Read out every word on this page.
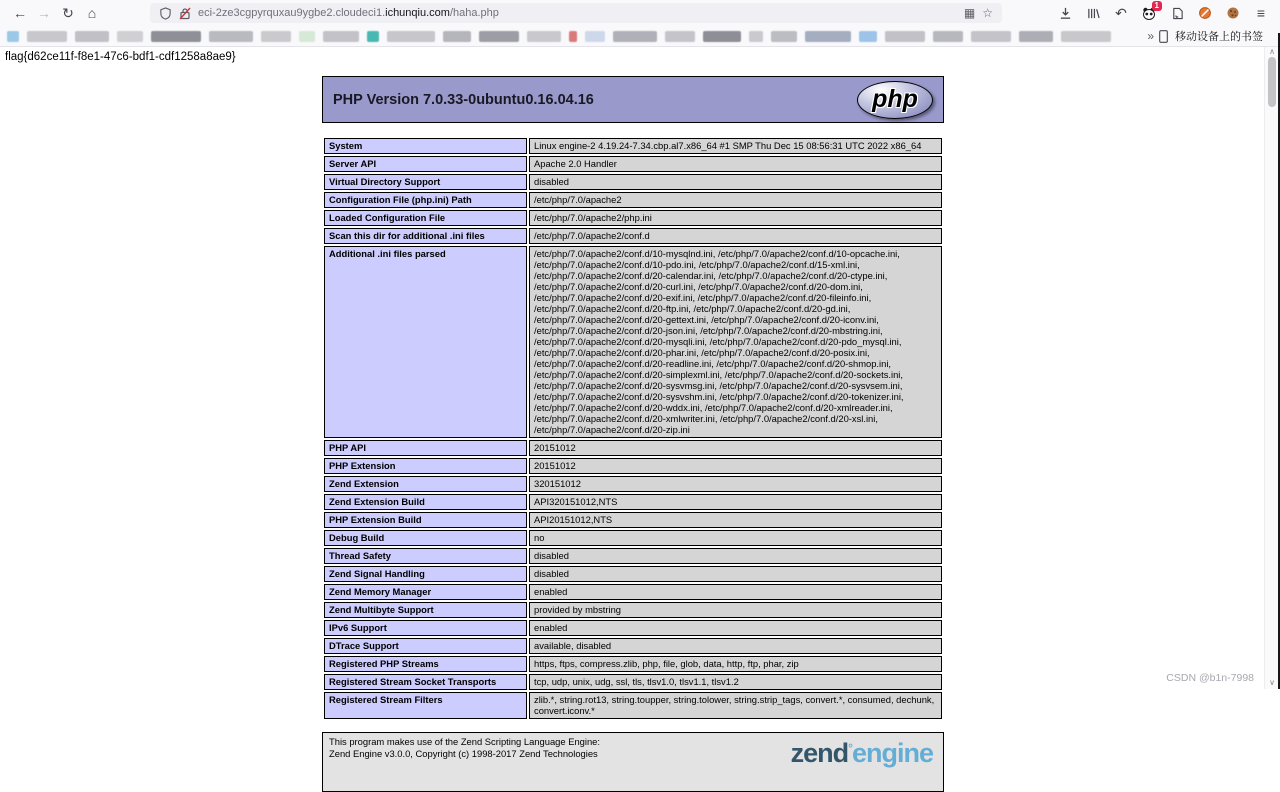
← → ↻ ⌂	eci-2ze3cgpyrquxau9ygbe2.cloudeci1.ichunqiu.com/haha.php	▦ ☆	↶	1	≡
» 移动设备上的书签
flag{d62ce11f-f8e1-47c6-bdf1-cdf1258a8ae9}
PHP Version 7.0.33-0ubuntu0.16.04.16	php
System	Linux engine-2 4.19.24-7.34.cbp.al7.x86_64 #1 SMP Thu Dec 15 08:56:31 UTC 2022 x86_64
Server API	Apache 2.0 Handler
Virtual Directory Support	disabled
Configuration File (php.ini) Path	/etc/php/7.0/apache2
Loaded Configuration File	/etc/php/7.0/apache2/php.ini
Scan this dir for additional .ini files	/etc/php/7.0/apache2/conf.d
Additional .ini files parsed	/etc/php/7.0/apache2/conf.d/10-mysqlnd.ini, /etc/php/7.0/apache2/conf.d/10-opcache.ini, /etc/php/7.0/apache2/conf.d/10-pdo.ini, /etc/php/7.0/apache2/conf.d/15-xml.ini, /etc/php/7.0/apache2/conf.d/20-calendar.ini, /etc/php/7.0/apache2/conf.d/20-ctype.ini, /etc/php/7.0/apache2/conf.d/20-curl.ini, /etc/php/7.0/apache2/conf.d/20-dom.ini, /etc/php/7.0/apache2/conf.d/20-exif.ini, /etc/php/7.0/apache2/conf.d/20-fileinfo.ini, /etc/php/7.0/apache2/conf.d/20-ftp.ini, /etc/php/7.0/apache2/conf.d/20-gd.ini, /etc/php/7.0/apache2/conf.d/20-gettext.ini, /etc/php/7.0/apache2/conf.d/20-iconv.ini, /etc/php/7.0/apache2/conf.d/20-json.ini, /etc/php/7.0/apache2/conf.d/20-mbstring.ini, /etc/php/7.0/apache2/conf.d/20-mysqli.ini, /etc/php/7.0/apache2/conf.d/20-pdo_mysql.ini, /etc/php/7.0/apache2/conf.d/20-phar.ini, /etc/php/7.0/apache2/conf.d/20-posix.ini, /etc/php/7.0/apache2/conf.d/20-readline.ini, /etc/php/7.0/apache2/conf.d/20-shmop.ini, /etc/php/7.0/apache2/conf.d/20-simplexml.ini, /etc/php/7.0/apache2/conf.d/20-sockets.ini, /etc/php/7.0/apache2/conf.d/20-sysvmsg.ini, /etc/php/7.0/apache2/conf.d/20-sysvsem.ini, /etc/php/7.0/apache2/conf.d/20-sysvshm.ini, /etc/php/7.0/apache2/conf.d/20-tokenizer.ini, /etc/php/7.0/apache2/conf.d/20-wddx.ini, /etc/php/7.0/apache2/conf.d/20-xmlreader.ini, /etc/php/7.0/apache2/conf.d/20-xmlwriter.ini, /etc/php/7.0/apache2/conf.d/20-xsl.ini, /etc/php/7.0/apache2/conf.d/20-zip.ini
PHP API	20151012
PHP Extension	20151012
Zend Extension	320151012
Zend Extension Build	API320151012,NTS
PHP Extension Build	API20151012,NTS
Debug Build	no
Thread Safety	disabled
Zend Signal Handling	disabled
Zend Memory Manager	enabled
Zend Multibyte Support	provided by mbstring
IPv6 Support	enabled
DTrace Support	available, disabled
Registered PHP Streams	https, ftps, compress.zlib, php, file, glob, data, http, ftp, phar, zip
Registered Stream Socket Transports	tcp, udp, unix, udg, ssl, tls, tlsv1.0, tlsv1.1, tlsv1.2
Registered Stream Filters	zlib.*, string.rot13, string.toupper, string.tolower, string.strip_tags, convert.*, consumed, dechunk, convert.iconv.*
This program makes use of the Zend Scripting Language Engine:
Zend Engine v3.0.0, Copyright (c) 1998-2017 Zend Technologies	zend°engine
CSDN @b1n-7998
∧
∨
